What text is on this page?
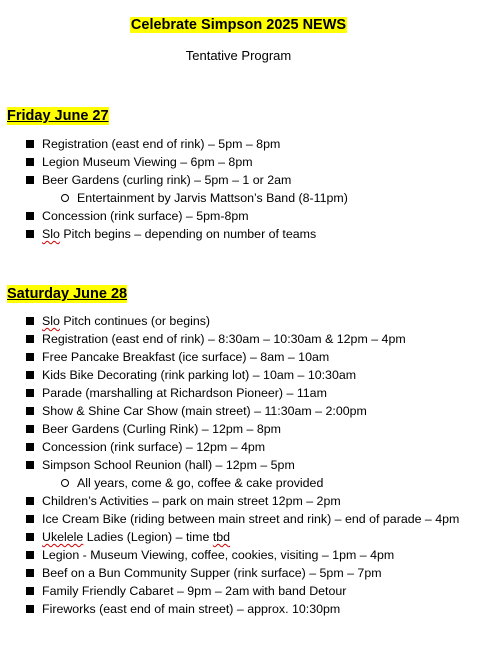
Celebrate Simpson 2025 NEWS
Tentative Program
Friday June 27
Registration (east end of rink) – 5pm – 8pm
Legion Museum Viewing – 6pm – 8pm
Beer Gardens (curling rink) – 5pm – 1 or 2am
Entertainment by Jarvis Mattson’s Band (8-11pm)
Concession (rink surface) – 5pm-8pm
Slo Pitch begins – depending on number of teams
Saturday June 28
Slo Pitch continues (or begins)
Registration (east end of rink) – 8:30am – 10:30am & 12pm – 4pm
Free Pancake Breakfast (ice surface) – 8am – 10am
Kids Bike Decorating (rink parking lot) – 10am – 10:30am
Parade (marshalling at Richardson Pioneer) – 11am
Show & Shine Car Show (main street) – 11:30am – 2:00pm
Beer Gardens (Curling Rink) – 12pm – 8pm
Concession (rink surface) – 12pm – 4pm
Simpson School Reunion (hall) – 12pm – 5pm
All years, come & go, coffee & cake provided
Children’s Activities – park on main street 12pm – 2pm
Ice Cream Bike (riding between main street and rink) – end of parade – 4pm
Ukelele Ladies (Legion) – time tbd
Legion - Museum Viewing, coffee, cookies, visiting – 1pm – 4pm
Beef on a Bun Community Supper (rink surface) – 5pm – 7pm
Family Friendly Cabaret – 9pm – 2am with band Detour
Fireworks (east end of main street) – approx. 10:30pm
